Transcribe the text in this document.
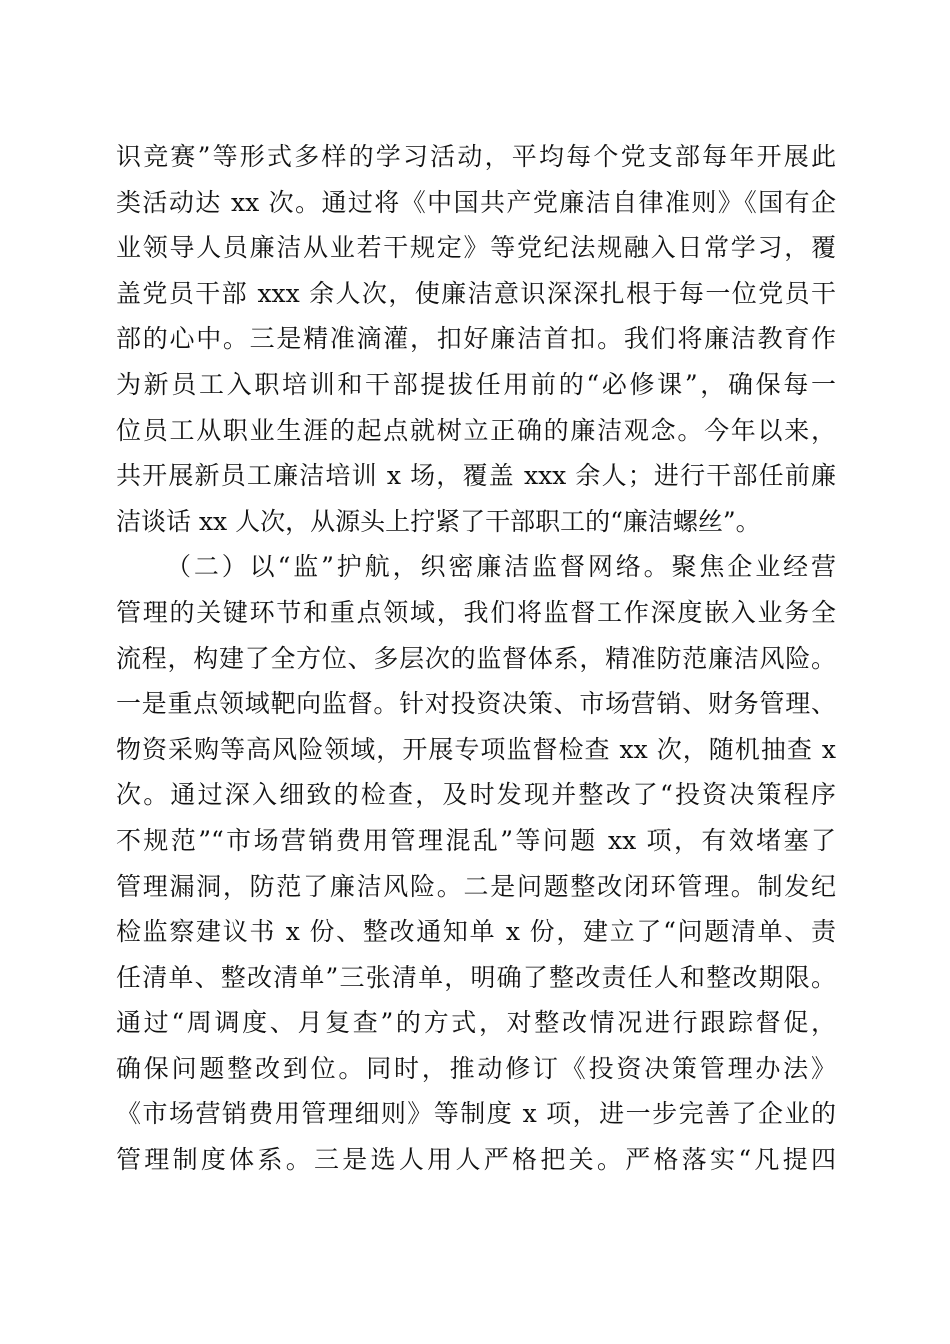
识竞赛”等形式多样的学习活动，平均每个党支部每年开展此
类活动达 xx 次。通过将《中国共产党廉洁自律准则》《国有企
业领导人员廉洁从业若干规定》等党纪法规融入日常学习，覆
盖党员干部 xxx 余人次，使廉洁意识深深扎根于每一位党员干
部的心中。三是精准滴灌，扣好廉洁首扣。我们将廉洁教育作
为新员工入职培训和干部提拔任用前的“必修课”，确保每一
位员工从职业生涯的起点就树立正确的廉洁观念。今年以来，
共开展新员工廉洁培训 x 场，覆盖 xxx 余人；进行干部任前廉
洁谈话 xx 人次，从源头上拧紧了干部职工的“廉洁螺丝”。
（二）以“监”护航，织密廉洁监督网络。聚焦企业经营
管理的关键环节和重点领域，我们将监督工作深度嵌入业务全
流程，构建了全方位、多层次的监督体系，精准防范廉洁风险。
一是重点领域靶向监督。针对投资决策、市场营销、财务管理、
物资采购等高风险领域，开展专项监督检查 xx 次，随机抽查 x
次。通过深入细致的检查，及时发现并整改了“投资决策程序
不规范”“市场营销费用管理混乱”等问题 xx 项，有效堵塞了
管理漏洞，防范了廉洁风险。二是问题整改闭环管理。制发纪
检监察建议书 x 份、整改通知单 x 份，建立了“问题清单、责
任清单、整改清单”三张清单，明确了整改责任人和整改期限。
通过“周调度、月复查”的方式，对整改情况进行跟踪督促，
确保问题整改到位。同时，推动修订《投资决策管理办法》
《市场营销费用管理细则》等制度 x 项，进一步完善了企业的
管理制度体系。三是选人用人严格把关。严格落实“凡提四
